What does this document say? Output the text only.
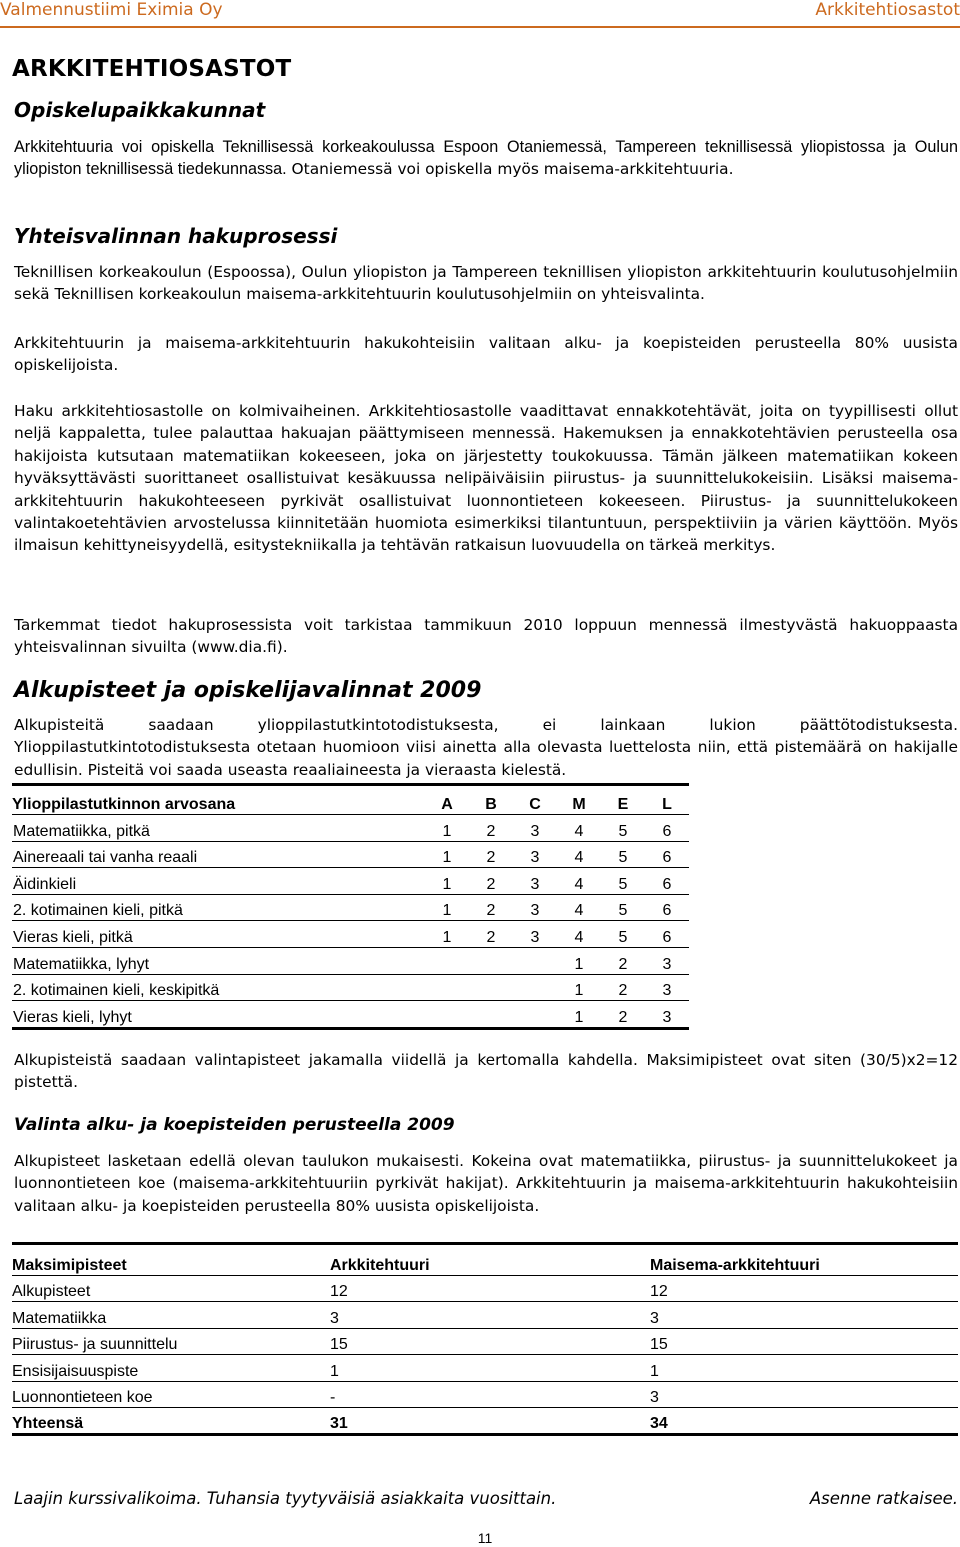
Valmennustiimi Eximia Oy	Arkkitehtiosastot
ARKKITEHTIOSASTOT
Opiskelupaikkakunnat

Arkkitehtuuria voi opiskella Teknillisessä korkeakoulussa Espoon Otaniemessä, Tampereen teknillisessä yliopistossa ja Oulun yliopiston teknillisessä tiedekunnassa. Otaniemessä voi opiskella myös maisema-arkkitehtuuria.

Yhteisvalinnan hakuprosessi

Teknillisen korkeakoulun (Espoossa), Oulun yliopiston ja Tampereen teknillisen yliopiston arkkitehtuurin koulutusohjelmiin sekä Teknillisen korkeakoulun maisema-arkkitehtuurin koulutusohjelmiin on yhteisvalinta.

Arkkitehtuurin ja maisema-arkkitehtuurin hakukohteisiin valitaan alku- ja koepisteiden perusteella 80% uusista opiskelijoista.

Haku arkkitehtiosastolle on kolmivaiheinen. Arkkitehtiosastolle vaadittavat ennakkotehtävät, joita on tyypillisesti ollut neljä kappaletta, tulee palauttaa hakuajan päättymiseen mennessä. Hakemuksen ja ennakkotehtävien perusteella osa hakijoista kutsutaan matematiikan kokeeseen, joka on järjestetty toukokuussa. Tämän jälkeen matematiikan kokeen hyväksyttävästi suorittaneet osallistuivat kesäkuussa nelipäiväisiin piirustus- ja suunnittelukokeisiin. Lisäksi maisema-arkkitehtuurin hakukohteeseen pyrkivät osallistuivat luonnontieteen kokeeseen. Piirustus- ja suunnittelukokeen valintakoetehtävien arvostelussa kiinnitetään huomiota esimerkiksi tilantuntuun, perspektiiviin ja värien käyttöön. Myös ilmaisun kehittyneisyydellä, esitystekniikalla ja tehtävän ratkaisun luovuudella on tärkeä merkitys.

Tarkemmat tiedot hakuprosessista voit tarkistaa tammikuun 2010 loppuun mennessä ilmestyvästä hakuoppaasta yhteisvalinnan sivuilta (www.dia.fi).

Alkupisteet ja opiskelijavalinnat 2009

Alkupisteitä saadaan ylioppilastutkintotodistuksesta, ei lainkaan lukion päättötodistuksesta. Ylioppilastutkintotodistuksesta otetaan huomioon viisi ainetta alla olevasta luettelosta niin, että pistemäärä on hakijalle edullisin. Pisteitä voi saada useasta reaaliaineesta ja vieraasta kielestä.

Ylioppilastutkinnon arvosana	A	B	C	M	E	L
Matematiikka, pitkä	1	2	3	4	5	6
Ainereaali tai vanha reaali	1	2	3	4	5	6
Äidinkieli	1	2	3	4	5	6
2. kotimainen kieli, pitkä	1	2	3	4	5	6
Vieras kieli, pitkä	1	2	3	4	5	6
Matematiikka, lyhyt				1	2	3
2. kotimainen kieli, keskipitkä				1	2	3
Vieras kieli, lyhyt				1	2	3

Alkupisteistä saadaan valintapisteet jakamalla viidellä ja kertomalla kahdella. Maksimipisteet ovat siten (30/5)x2=12 pistettä.

Valinta alku- ja koepisteiden perusteella 2009

Alkupisteet lasketaan edellä olevan taulukon mukaisesti. Kokeina ovat matematiikka, piirustus- ja suunnittelukokeet ja luonnontieteen koe (maisema-arkkitehtuuriin pyrkivät hakijat). Arkkitehtuurin ja maisema-arkkitehtuurin hakukohteisiin valitaan alku- ja koepisteiden perusteella 80% uusista opiskelijoista.

Maksimipisteet	Arkkitehtuuri	Maisema-arkkitehtuuri
Alkupisteet	12	12
Matematiikka	3	3
Piirustus- ja suunnittelu	15	15
Ensisijaisuuspiste	1	1
Luonnontieteen koe	-	3
Yhteensä	31	34
Laajin kurssivalikoima. Tuhansia tyytyväisiä asiakkaita vuosittain.	Asenne ratkaisee.
11
